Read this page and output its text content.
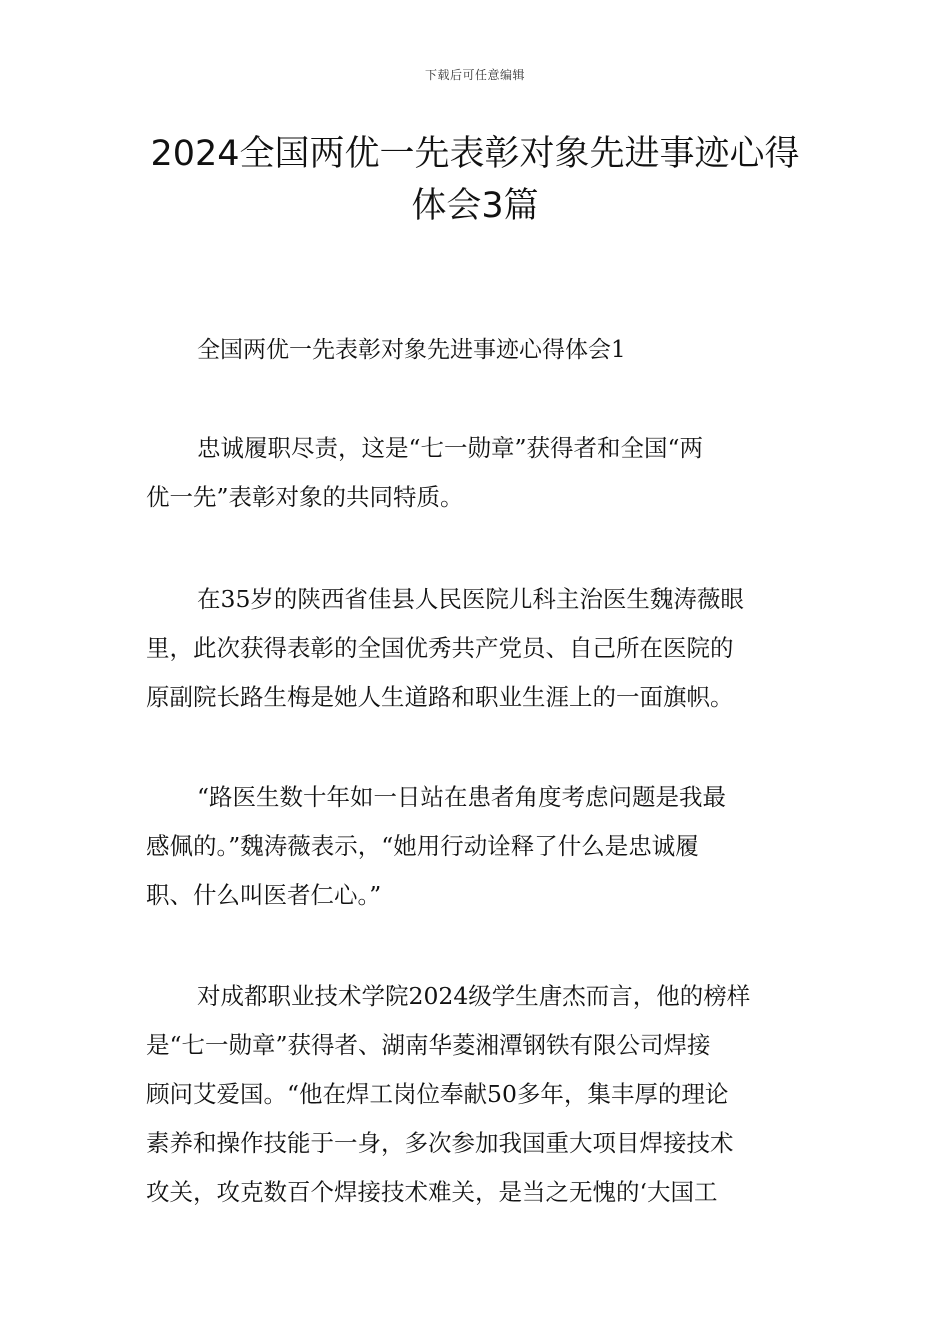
下载后可任意编辑
2024全国两优一先表彰对象先进事迹心得
体会3篇
全国两优一先表彰对象先进事迹心得体会1

忠诚履职尽责，这是“七一勋章”获得者和全国“两
优一先”表彰对象的共同特质。

在35岁的陕西省佳县人民医院儿科主治医生魏涛薇眼
里，此次获得表彰的全国优秀共产党员、自己所在医院的
原副院长路生梅是她人生道路和职业生涯上的一面旗帜。

“路医生数十年如一日站在患者角度考虑问题是我最
感佩的。”魏涛薇表示，“她用行动诠释了什么是忠诚履
职、什么叫医者仁心。”

对成都职业技术学院2024级学生唐杰而言，他的榜样
是“七一勋章”获得者、湖南华菱湘潭钢铁有限公司焊接
顾问艾爱国。“他在焊工岗位奉献50多年，集丰厚的理论
素养和操作技能于一身，多次参加我国重大项目焊接技术
攻关，攻克数百个焊接技术难关，是当之无愧的‘大国工
